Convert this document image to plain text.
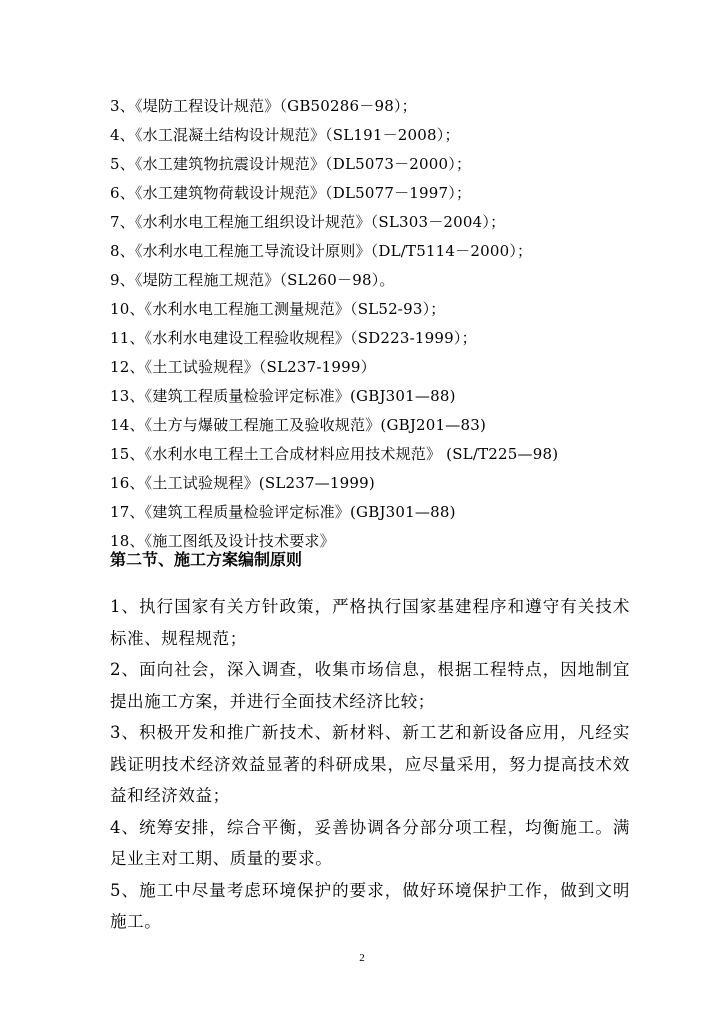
3、《堤防工程设计规范》（GB50286－98）；
4、《水工混凝土结构设计规范》（SL191－2008）；
5、《水工建筑物抗震设计规范》（DL5073－2000）；
6、《水工建筑物荷载设计规范》（DL5077－1997）；
7、《水利水电工程施工组织设计规范》（SL303－2004）；
8、《水利水电工程施工导流设计原则》（DL/T5114－2000）；
9、《堤防工程施工规范》（SL260－98）。
10、《水利水电工程施工测量规范》（SL52-93）；
11、《水利水电建设工程验收规程》（SD223-1999）；
12、《土工试验规程》（SL237-1999）
13、《建筑工程质量检验评定标准》(GBJ301—88)
14、《土方与爆破工程施工及验收规范》(GBJ201—83)
15、《水利水电工程土工合成材料应用技术规范》 (SL/T225—98)
16、《土工试验规程》(SL237—1999)
17、《建筑工程质量检验评定标准》(GBJ301—88)
18、《施工图纸及设计技术要求》
第二节、施工方案编制原则
1、执行国家有关方针政策，严格执行国家基建程序和遵守有关技术标准、规程规范；
2、面向社会，深入调查，收集市场信息，根据工程特点，因地制宜提出施工方案，并进行全面技术经济比较；
3、积极开发和推广新技术、新材料、新工艺和新设备应用，凡经实践证明技术经济效益显著的科研成果，应尽量采用，努力提高技术效益和经济效益；
4、统筹安排，综合平衡，妥善协调各分部分项工程，均衡施工。满足业主对工期、质量的要求。
5、施工中尽量考虑环境保护的要求，做好环境保护工作，做到文明施工。
2
